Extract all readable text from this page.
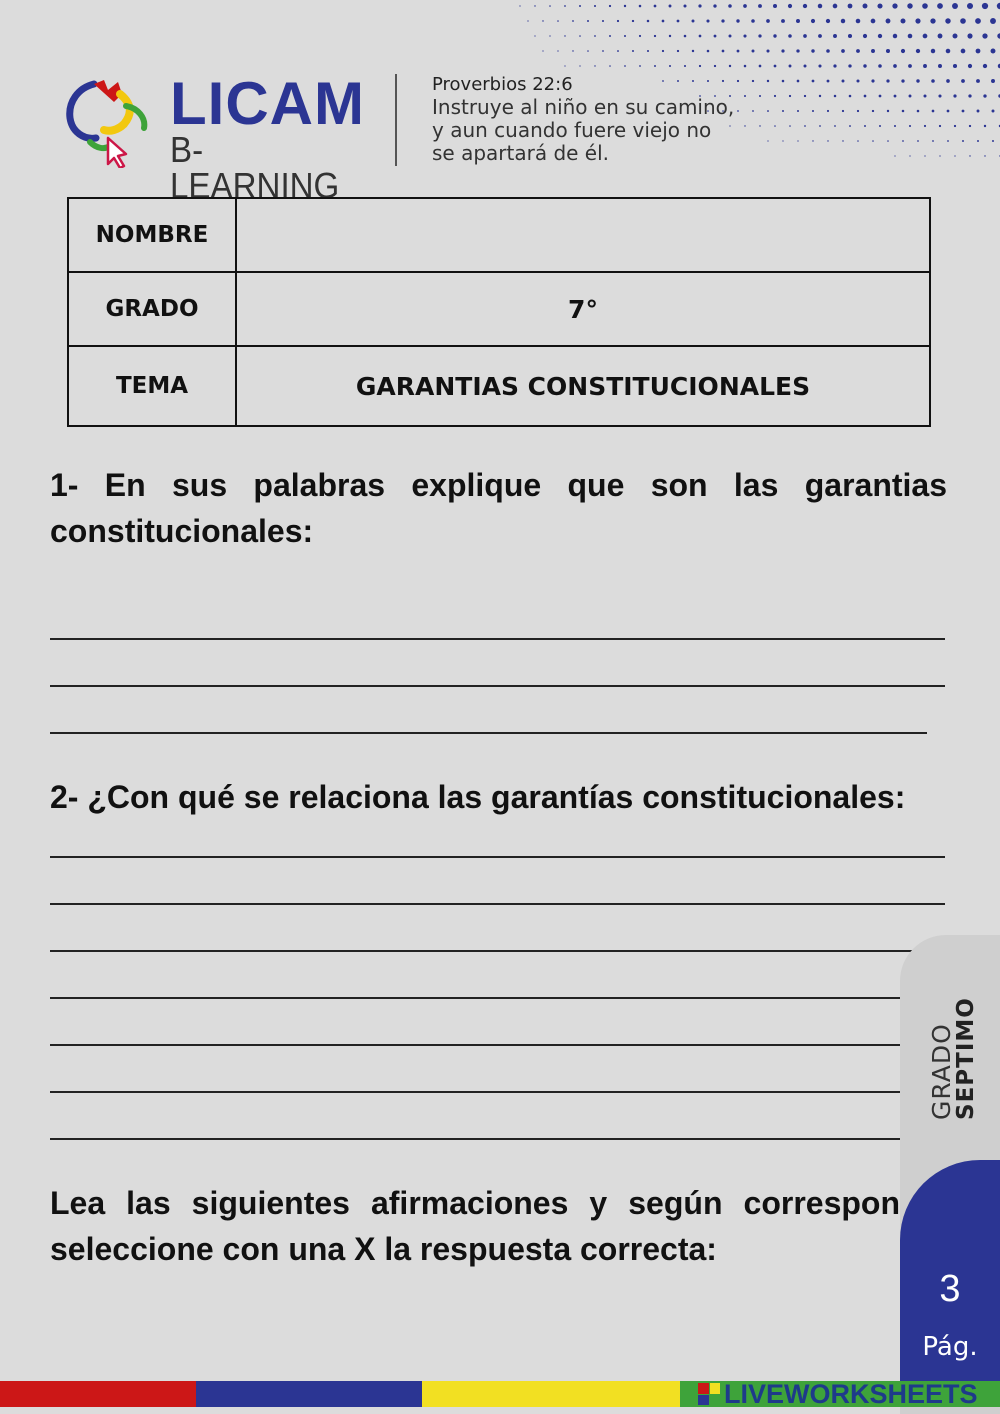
LICAM
B-LEARNING
Proverbios 22:6
Instruye al niño en su camino,
y aun cuando fuere viejo no
se apartará de él.
NOMBRE	
GRADO	7°
TEMA	GARANTIAS CONSTITUCIONALES
1- En sus palabras explique que son las garantias constitucionales:
2- ¿Con qué se relaciona las garantías constitucionales:
Lea las siguientes afirmaciones y según correspon seleccione con una X la respuesta correcta:
GRADO
SEPTIMO
3
Pág.
LIVEWORKSHEETS
